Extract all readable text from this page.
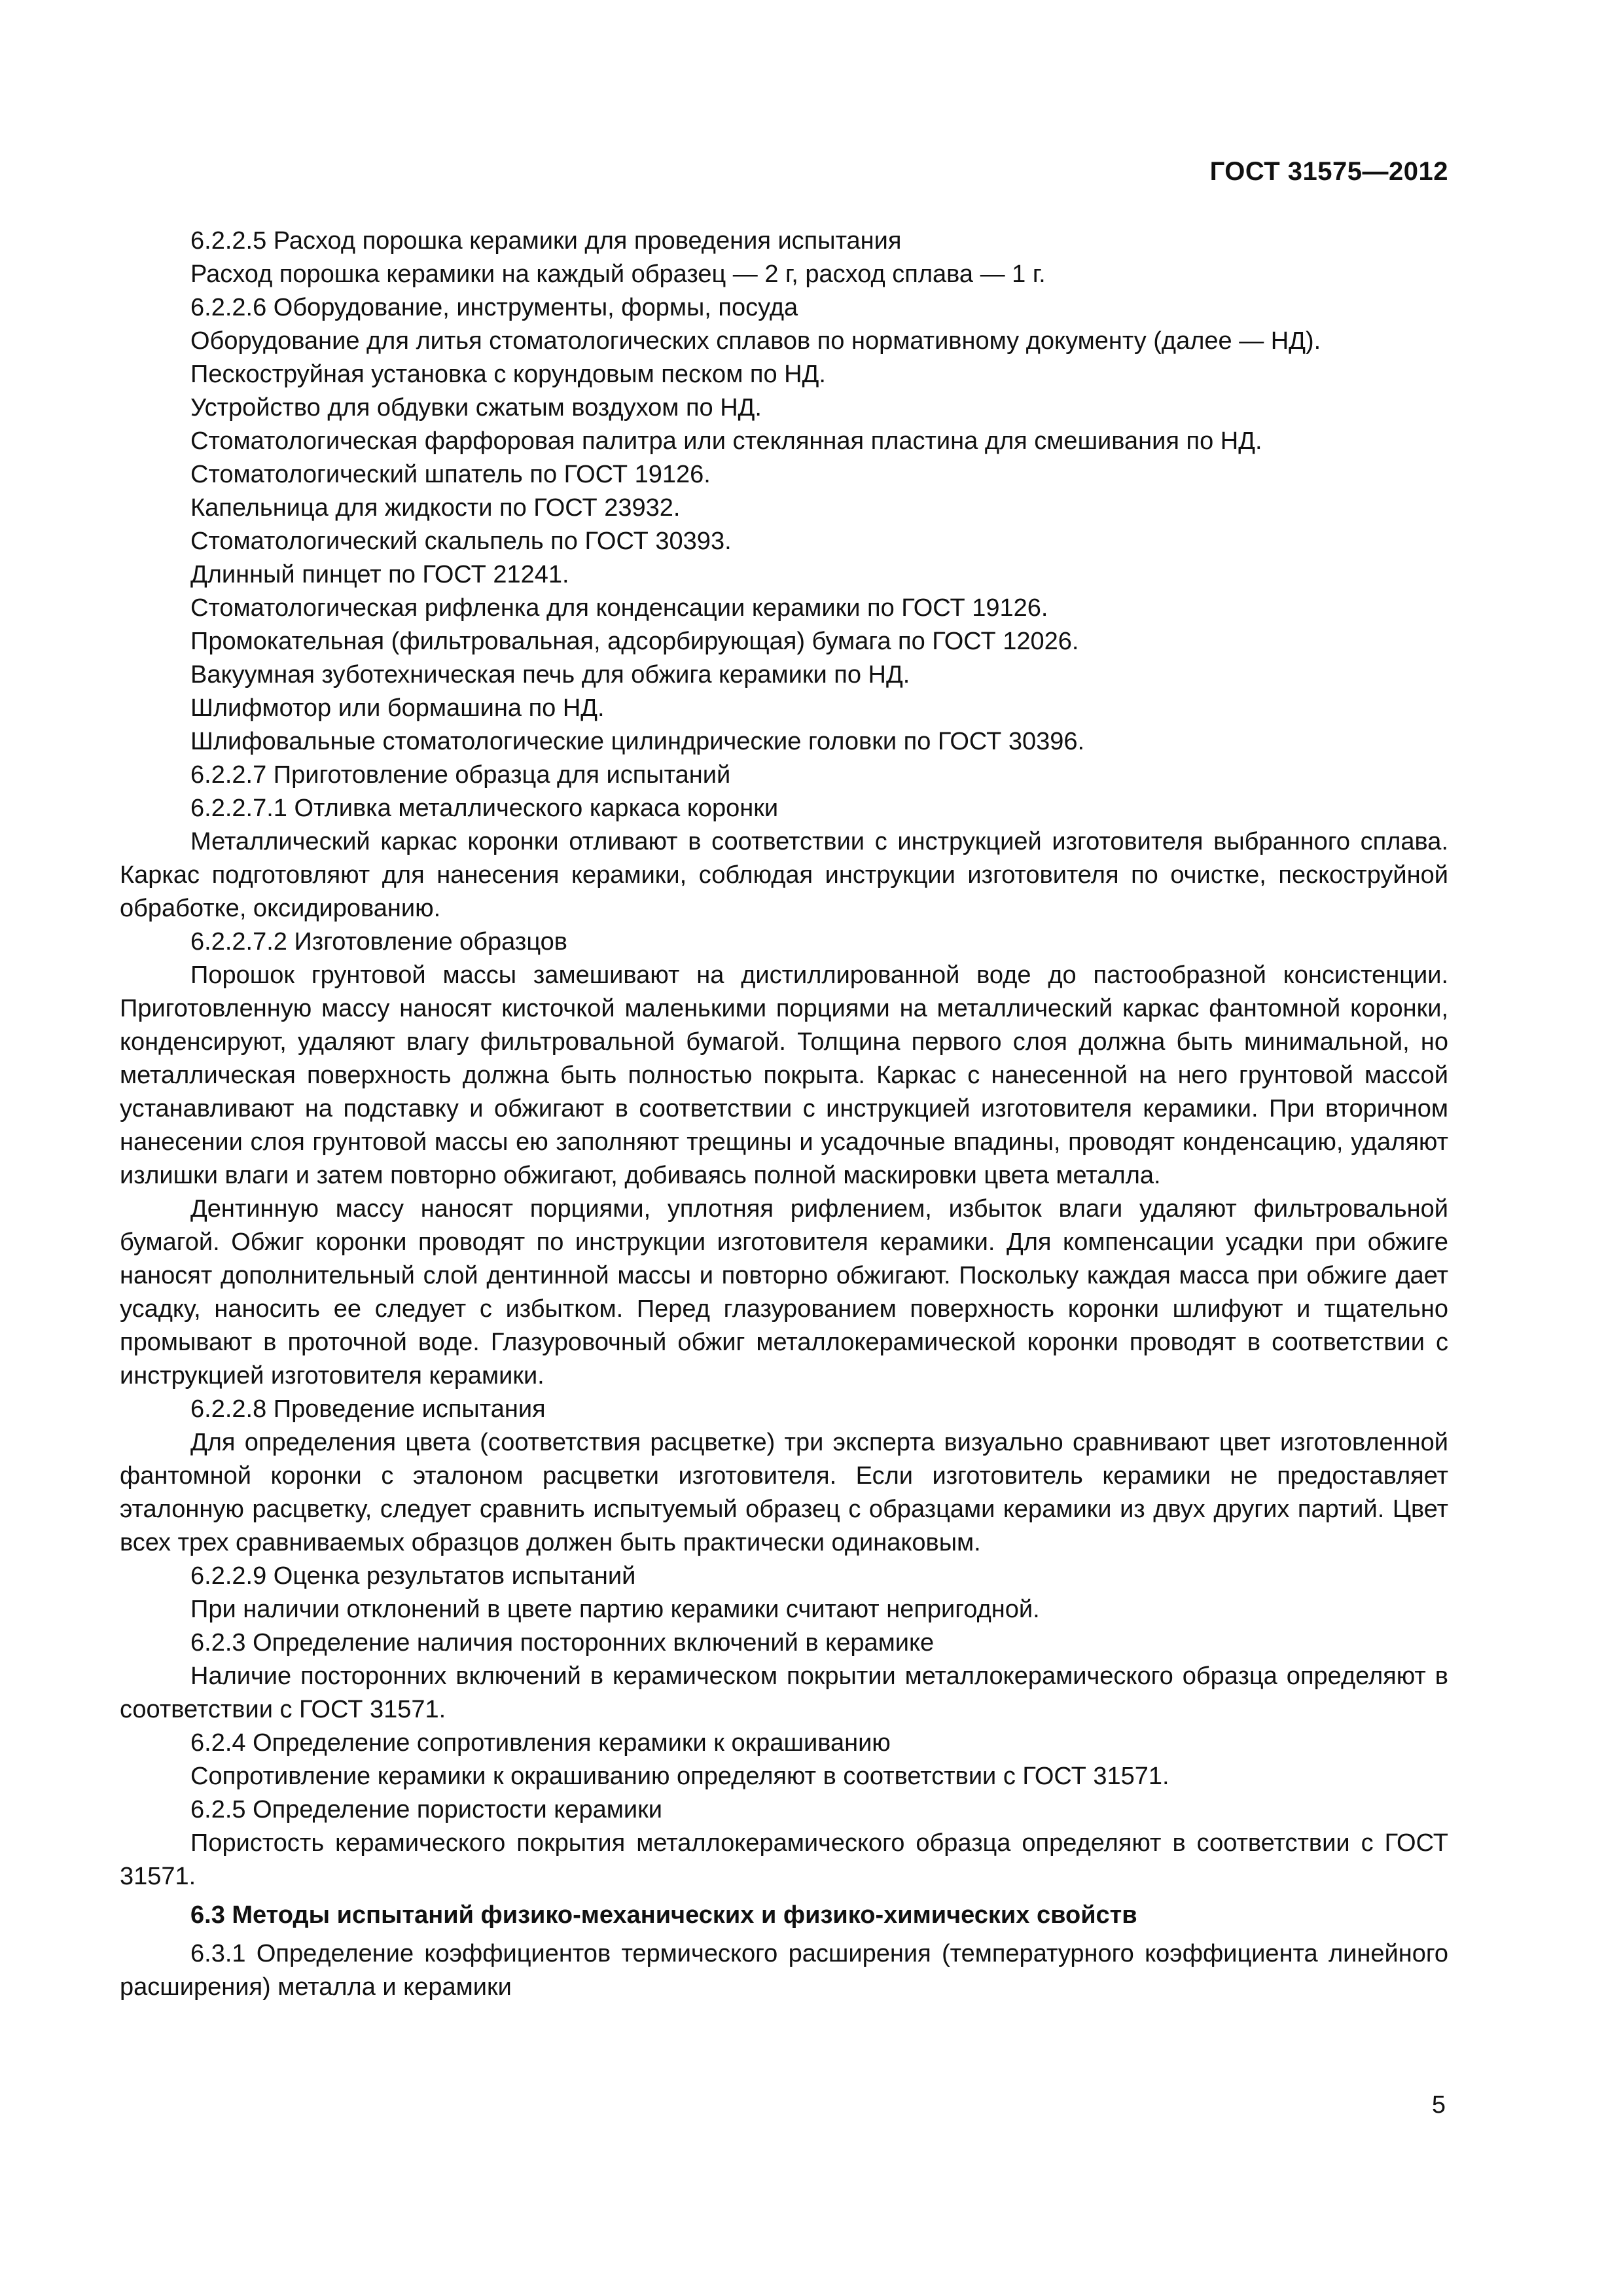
ГОСТ 31575—2012

6.2.2.5 Расход порошка керамики для проведения испытания

Расход порошка керамики на каждый образец — 2 г, расход сплава — 1 г.

6.2.2.6 Оборудование, инструменты, формы, посуда

Оборудование для литья стоматологических сплавов по нормативному документу (далее — НД).

Пескоструйная установка с корундовым песком по НД.

Устройство для обдувки сжатым воздухом по НД.

Стоматологическая фарфоровая палитра или стеклянная пластина для смешивания по НД.

Стоматологический шпатель по ГОСТ 19126.

Капельница для жидкости по ГОСТ 23932.

Стоматологический скальпель по ГОСТ 30393.

Длинный пинцет по ГОСТ 21241.

Стоматологическая рифленка для конденсации керамики по ГОСТ 19126.

Промокательная (фильтровальная, адсорбирующая) бумага по ГОСТ 12026.

Вакуумная зуботехническая печь для обжига керамики по НД.

Шлифмотор или бормашина по НД.

Шлифовальные стоматологические цилиндрические головки по ГОСТ 30396.

6.2.2.7 Приготовление образца для испытаний

6.2.2.7.1 Отливка металлического каркаса коронки

Металлический каркас коронки отливают в соответствии с инструкцией изготовителя выбранного сплава. Каркас подготовляют для нанесения керамики, соблюдая инструкции изготовителя по очистке, пескоструйной обработке, оксидированию.

6.2.2.7.2 Изготовление образцов

Порошок грунтовой массы замешивают на дистиллированной воде до пастообразной консистенции. Приготовленную массу наносят кисточкой маленькими порциями на металлический каркас фантомной коронки, конденсируют, удаляют влагу фильтровальной бумагой. Толщина первого слоя должна быть минимальной, но металлическая поверхность должна быть полностью покрыта. Каркас с нанесенной на него грунтовой массой устанавливают на подставку и обжигают в соответствии с инструкцией изготовителя керамики. При вторичном нанесении слоя грунтовой массы ею заполняют трещины и усадочные впадины, проводят конденсацию, удаляют излишки влаги и затем повторно обжигают, добиваясь полной маскировки цвета металла.

Дентинную массу наносят порциями, уплотняя рифлением, избыток влаги удаляют фильтровальной бумагой. Обжиг коронки проводят по инструкции изготовителя керамики. Для компенсации усадки при обжиге наносят дополнительный слой дентинной массы и повторно обжигают. Поскольку каждая масса при обжиге дает усадку, наносить ее следует с избытком. Перед глазурованием поверхность коронки шлифуют и тщательно промывают в проточной воде. Глазуровочный обжиг металлокерамической коронки проводят в соответствии с инструкцией изготовителя керамики.

6.2.2.8 Проведение испытания

Для определения цвета (соответствия расцветке) три эксперта визуально сравнивают цвет изготовленной фантомной коронки с эталоном расцветки изготовителя. Если изготовитель керамики не предоставляет эталонную расцветку, следует сравнить испытуемый образец с образцами керамики из двух других партий. Цвет всех трех сравниваемых образцов должен быть практически одинаковым.

6.2.2.9 Оценка результатов испытаний

При наличии отклонений в цвете партию керамики считают непригодной.

6.2.3 Определение наличия посторонних включений в керамике

Наличие посторонних включений в керамическом покрытии металлокерамического образца определяют в соответствии с ГОСТ 31571.

6.2.4 Определение сопротивления керамики к окрашиванию

Сопротивление керамики к окрашиванию определяют в соответствии с ГОСТ 31571.

6.2.5 Определение пористости керамики

Пористость керамического покрытия металлокерамического образца определяют в соответствии с ГОСТ 31571.

6.3 Методы испытаний физико-механических и физико-химических свойств

6.3.1 Определение коэффициентов термического расширения (температурного коэффициента линейного расширения) металла и керамики

5
